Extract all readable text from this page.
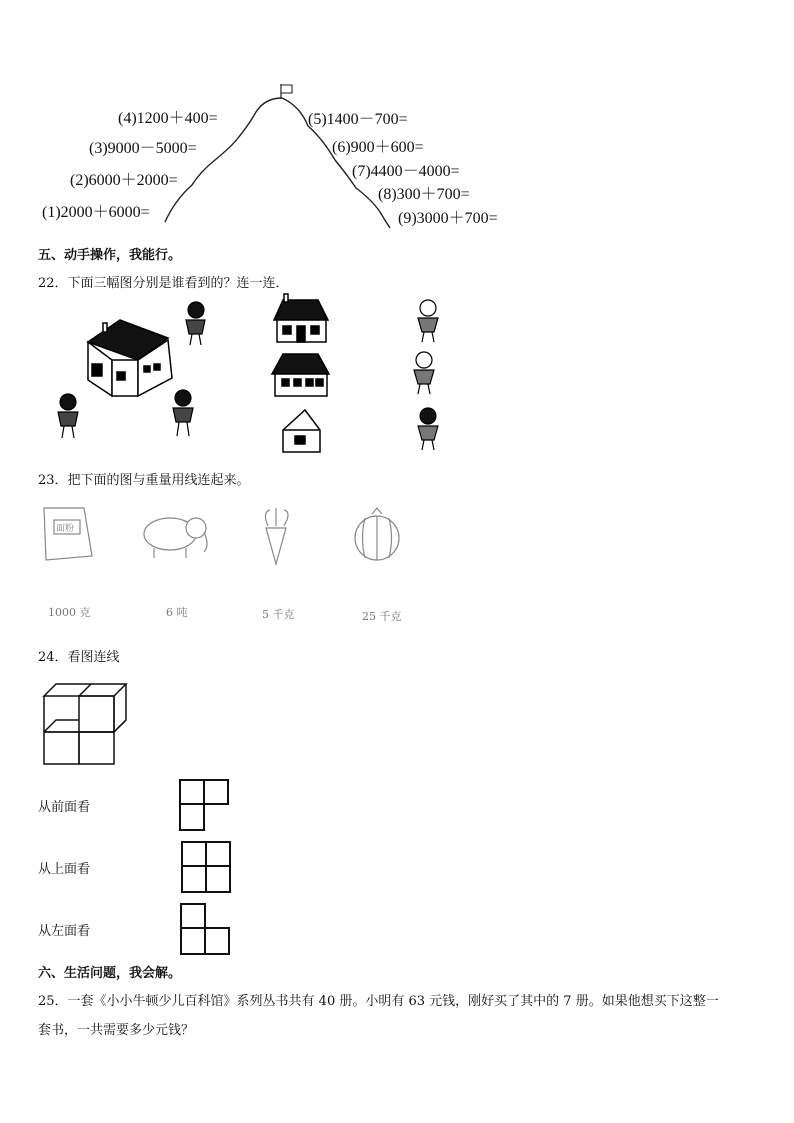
(4)1200＋400=
(3)9000－5000=
(2)6000＋2000=
(1)2000＋6000=
(5)1400－700=
(6)900＋600=
(7)4400－4000=
(8)300＋700=
(9)3000＋700=
五、动手操作，我能行。
22．下面三幅图分别是谁看到的？连一连．
23．把下面的图与重量用线连起来。
面粉
1000 克	6 吨	5 千克	25 千克
24．看图连线
从前面看
从上面看
从左面看
六、生活问题，我会解。
25．一套《小小牛顿少儿百科馆》系列丛书共有 40 册。小明有 63 元钱，刚好买了其中的 7 册。如果他想买下这整一
套书，一共需要多少元钱？
